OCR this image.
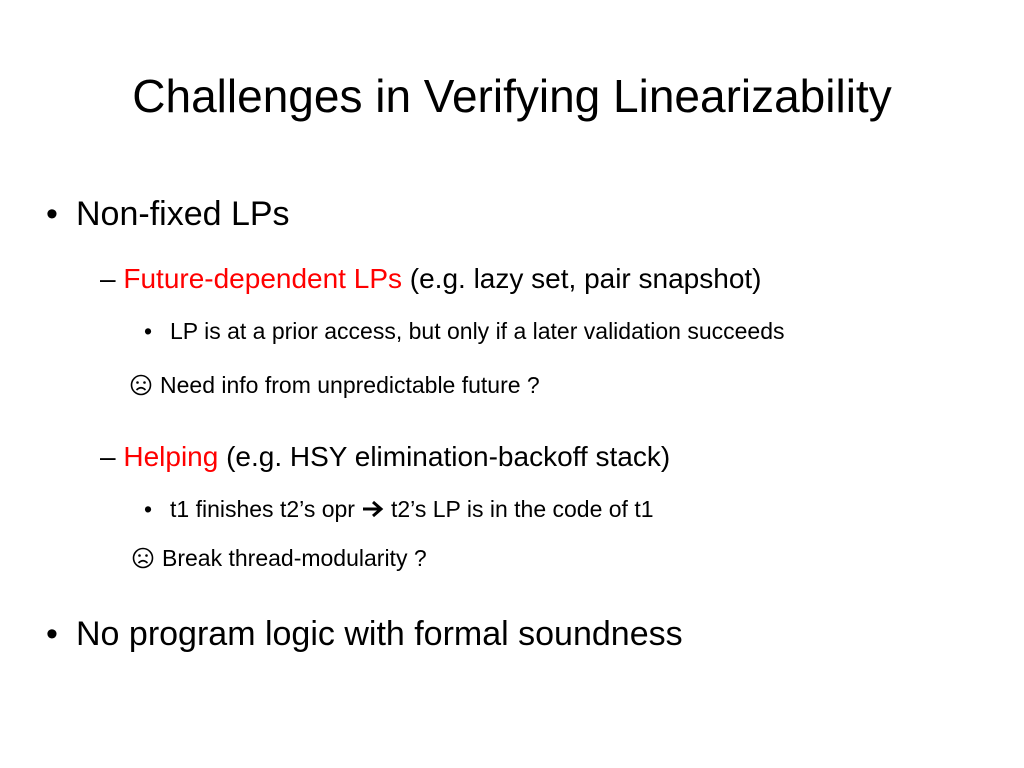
Challenges in Verifying Linearizability
• Non-fixed LPs
– Future-dependent LPs (e.g. lazy set, pair snapshot)
• LP is at a prior access, but only if a later validation succeeds
Need info from unpredictable future ?
– Helping (e.g. HSY elimination-backoff stack)
• t1 finishes t2’s opr t2’s LP is in the code of t1
Break thread-modularity ?
• No program logic with formal soundness
